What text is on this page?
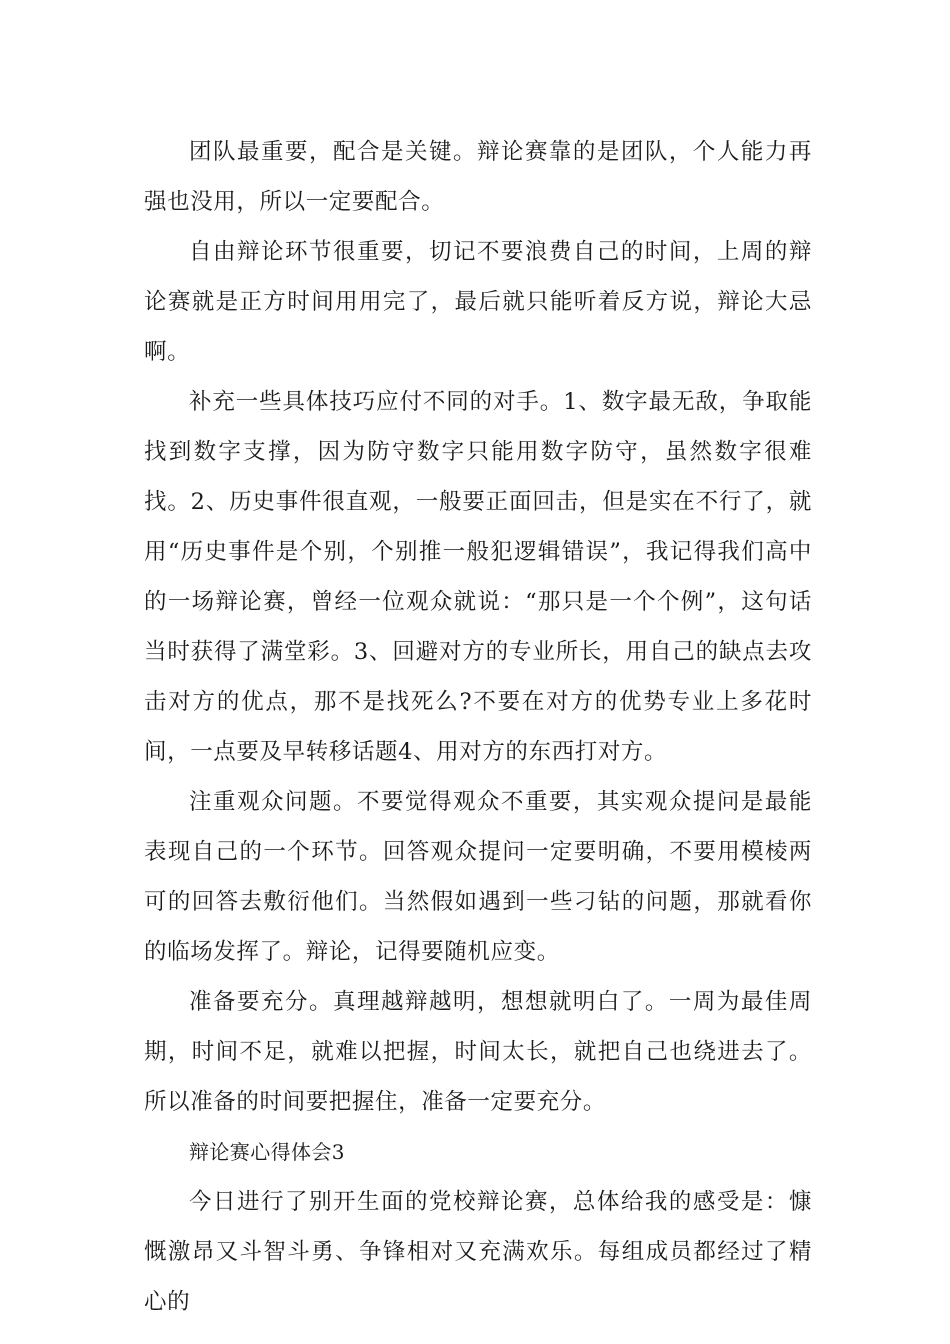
团队最重要，配合是关键。辩论赛靠的是团队，个人能力再强也没用，所以一定要配合。

自由辩论环节很重要，切记不要浪费自己的时间，上周的辩论赛就是正方时间用用完了，最后就只能听着反方说，辩论大忌啊。

补充一些具体技巧应付不同的对手。1、数字最无敌，争取能找到数字支撑，因为防守数字只能用数字防守，虽然数字很难找。2、历史事件很直观，一般要正面回击，但是实在不行了，就用“历史事件是个别，个别推一般犯逻辑错误”，我记得我们高中的一场辩论赛，曾经一位观众就说：“那只是一个个例”，这句话当时获得了满堂彩。3、回避对方的专业所长，用自己的缺点去攻击对方的优点，那不是找死么?不要在对方的优势专业上多花时间，一点要及早转移话题4、用对方的东西打对方。

注重观众问题。不要觉得观众不重要，其实观众提问是最能表现自己的一个环节。回答观众提问一定要明确，不要用模棱两可的回答去敷衍他们。当然假如遇到一些刁钻的问题，那就看你的临场发挥了。辩论，记得要随机应变。

准备要充分。真理越辩越明，想想就明白了。一周为最佳周期，时间不足，就难以把握，时间太长，就把自己也绕进去了。所以准备的时间要把握住，准备一定要充分。

辩论赛心得体会3

今日进行了别开生面的党校辩论赛，总体给我的感受是：慷慨激昂又斗智斗勇、争锋相对又充满欢乐。每组成员都经过了精心的
